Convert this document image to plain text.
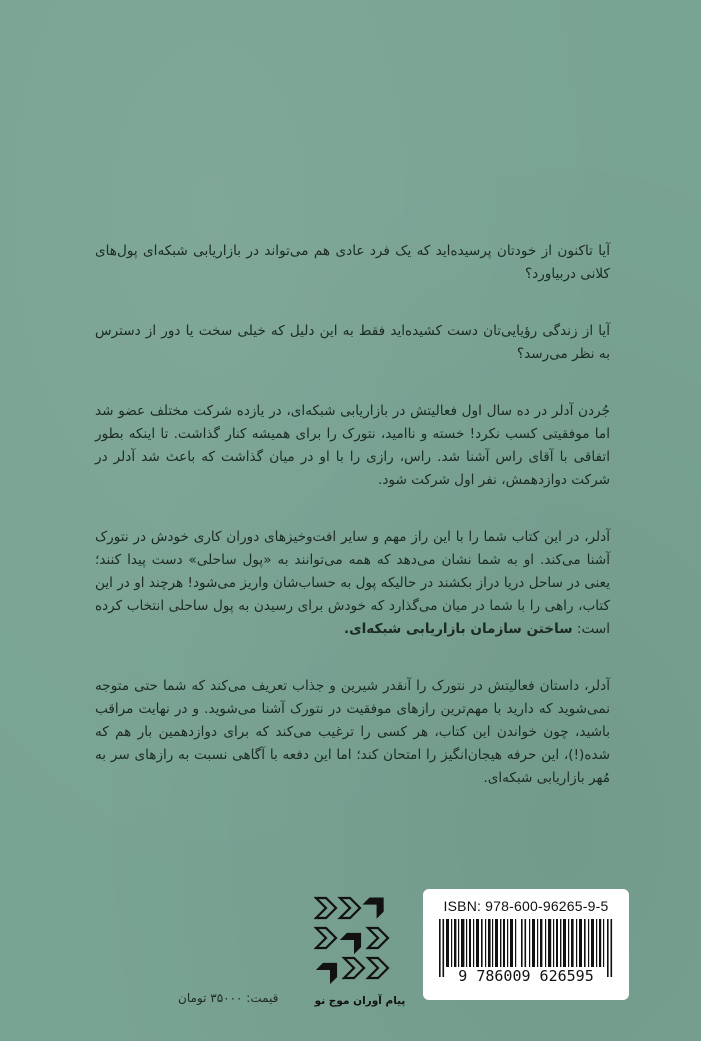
آیا تاکنون از خودتان پرسیده‌اید که یک فرد عادی هم می‌تواند در بازاریابی شبکه‌ای پول‌های کلانی دربیاورد؟

آیا از زندگی رؤیایی‌تان دست کشیده‌اید فقط به این دلیل که خیلی سخت یا دور از دسترس به نظر می‌رسد؟

جُردن آدلر در ده سال اول فعالیتش در بازاریابی شبکه‌ای، در یازده شرکت مختلف عضو شد اما موفقیتی کسب نکرد! خسته و ناامید، نتورک را برای همیشه کنار گذاشت. تا اینکه بطور اتفاقی با آقای راس آشنا شد. راس، رازی را با او در میان گذاشت که باعث شد آدلر در شرکت دوازدهمش، نفر اول شرکت شود.

آدلر، در این کتاب شما را با این راز مهم و سایر افت‌وخیزهای دوران کاری خودش در نتورک آشنا می‌کند. او به شما نشان می‌دهد که همه می‌توانند به «پول ساحلی» دست پیدا کنند؛ یعنی در ساحل دریا دراز بکشند در حالیکه پول به حساب‌شان واریز می‌شود! هرچند او در این کتاب، راهی را با شما در میان می‌گذارد که خودش برای رسیدن به پول ساحلی انتخاب کرده است: ساختن سازمان بازاریابی شبکه‌ای.

آدلر، داستان فعالیتش در نتورک را آنقدر شیرین و جذاب تعریف می‌کند که شما حتی متوجه نمی‌شوید که دارید با مهم‌ترین رازهای موفقیت در نتورک آشنا می‌شوید. و در نهایت مراقب باشید، چون خواندن این کتاب، هر کسی را ترغیب می‌کند که برای دوازدهمین بار هم که شده(!)، این حرفه هیجان‌انگیز را امتحان کند؛ اما این دفعه با آگاهی نسبت به رازهای سر به مُهر بازاریابی شبکه‌ای.

ISBN: 978-600-96265-9-5
9 786009 626595
پیام آوران موج نو
قیمت: ۳۵۰۰۰ تومان
